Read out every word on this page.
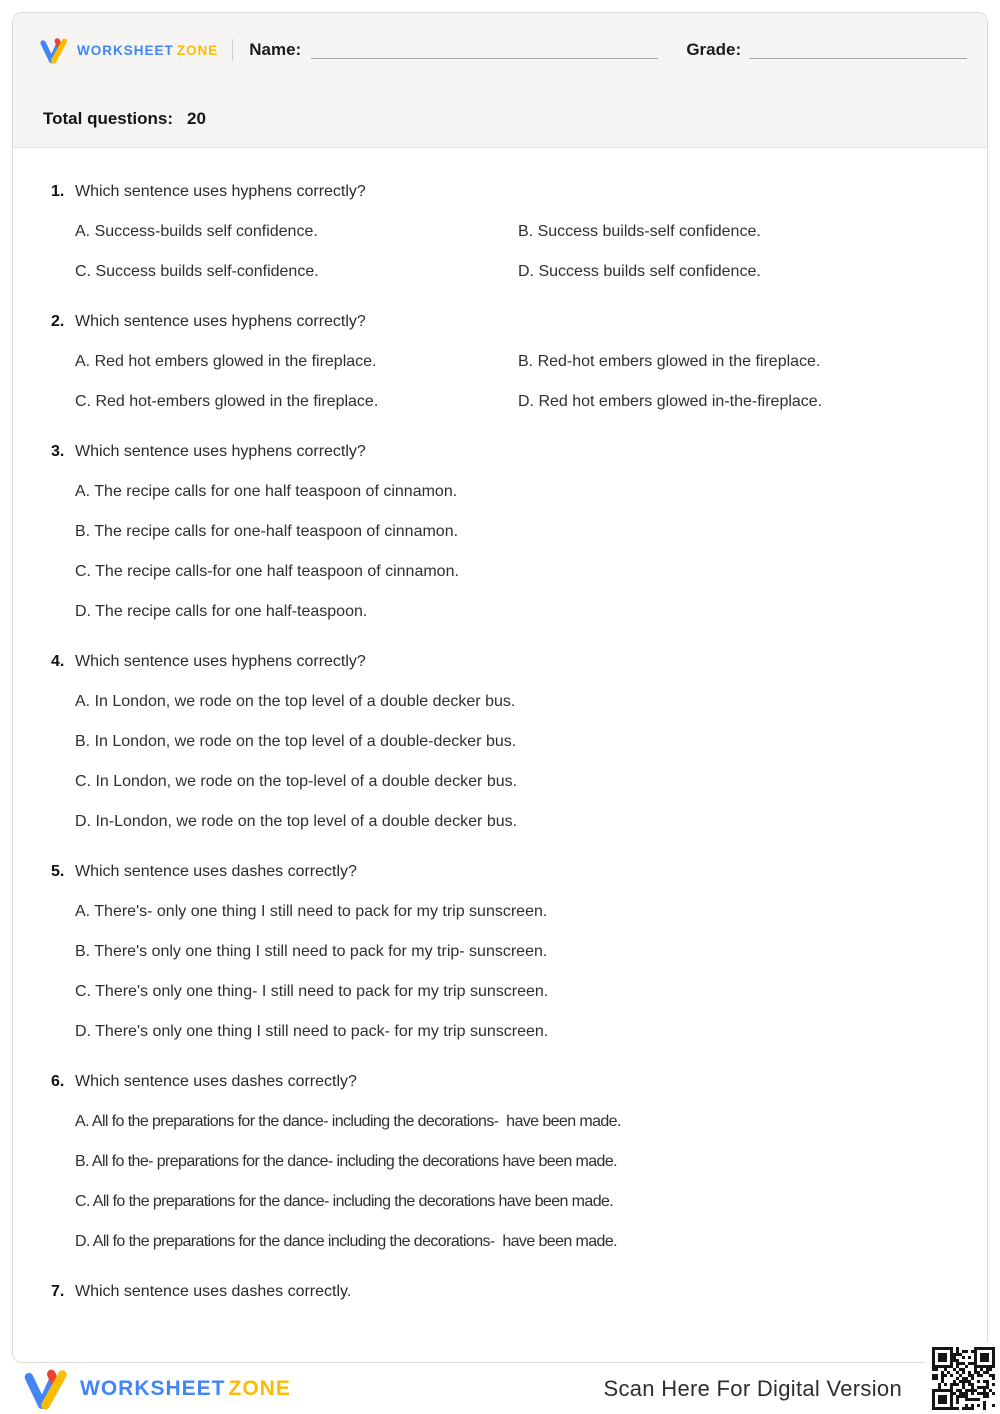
WORKSHEET ZONE Name:	Grade:
Total questions: 20
1. Which sentence uses hyphens correctly?
A. Success-builds self confidence.	B. Success builds-self confidence.
C. Success builds self-confidence.	D. Success builds self confidence.
2. Which sentence uses hyphens correctly?
A. Red hot embers glowed in the fireplace.	B. Red-hot embers glowed in the fireplace.
C. Red hot-embers glowed in the fireplace.	D. Red hot embers glowed in-the-fireplace.
3. Which sentence uses hyphens correctly?
A. The recipe calls for one half teaspoon of cinnamon.
B. The recipe calls for one-half teaspoon of cinnamon.
C. The recipe calls-for one half teaspoon of cinnamon.
D. The recipe calls for one half-teaspoon.
4. Which sentence uses hyphens correctly?
A. In London, we rode on the top level of a double decker bus.
B. In London, we rode on the top level of a double-decker bus.
C. In London, we rode on the top-level of a double decker bus.
D. In-London, we rode on the top level of a double decker bus.
5. Which sentence uses dashes correctly?
A. There's- only one thing I still need to pack for my trip sunscreen.
B. There's only one thing I still need to pack for my trip- sunscreen.
C. There's only one thing- I still need to pack for my trip sunscreen.
D. There's only one thing I still need to pack- for my trip sunscreen.
6. Which sentence uses dashes correctly?
A. All fo the preparations for the dance- including the decorations-  have been made.
B. All fo the- preparations for the dance- including the decorations have been made.
C. All fo the preparations for the dance- including the decorations have been made.
D. All fo the preparations for the dance including the decorations-  have been made.
7. Which sentence uses dashes correctly.
WORKSHEET ZONE	Scan Here For Digital Version
